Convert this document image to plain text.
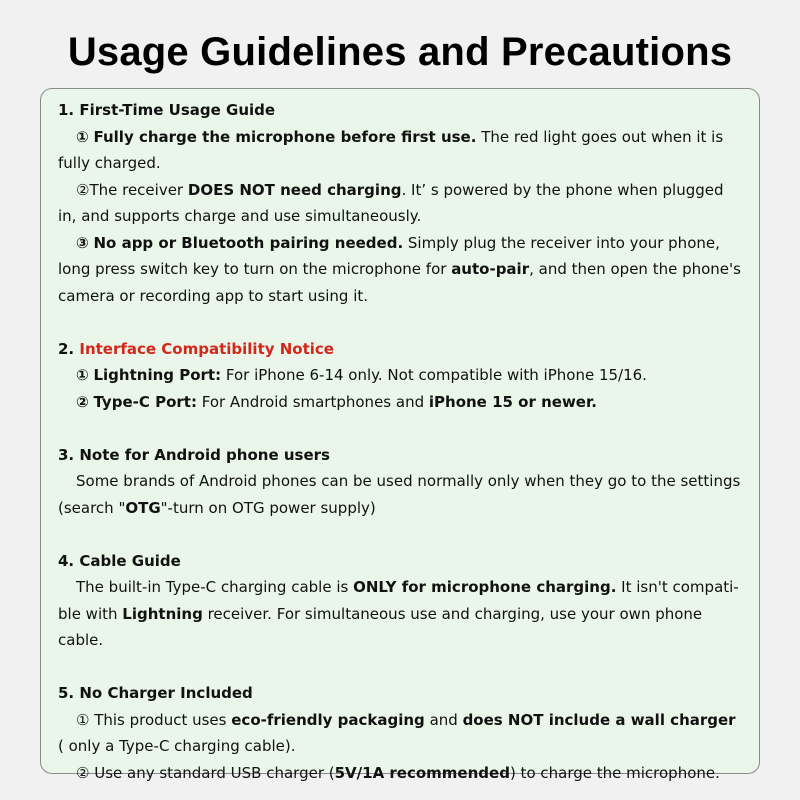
Usage Guidelines and Precautions

1. First-Time Usage Guide

① Fully charge the microphone before first use. The red light goes out when it is fully charged.

②The receiver DOES NOT need charging. It’ s powered by the phone when plugged in, and supports charge and use simultaneously.

③ No app or Bluetooth pairing needed. Simply plug the receiver into your phone, long press switch key to turn on the microphone for auto-pair, and then open the phone's camera or recording app to start using it.

2. Interface Compatibility Notice

① Lightning Port: For iPhone 6-14 only. Not compatible with iPhone 15/16.

② Type-C Port: For Android smartphones and iPhone 15 or newer.

3. Note for Android phone users

Some brands of Android phones can be used normally only when they go to the settings (search "OTG"-turn on OTG power supply)

4. Cable Guide

The built-in Type-C charging cable is ONLY for microphone charging. It isn't compati-ble with Lightning receiver. For simultaneous use and charging, use your own phone cable.

5. No Charger Included

① This product uses eco-friendly packaging and does NOT include a wall charger ( only a Type-C charging cable).

② Use any standard USB charger (5V/1A recommended) to charge the microphone.
